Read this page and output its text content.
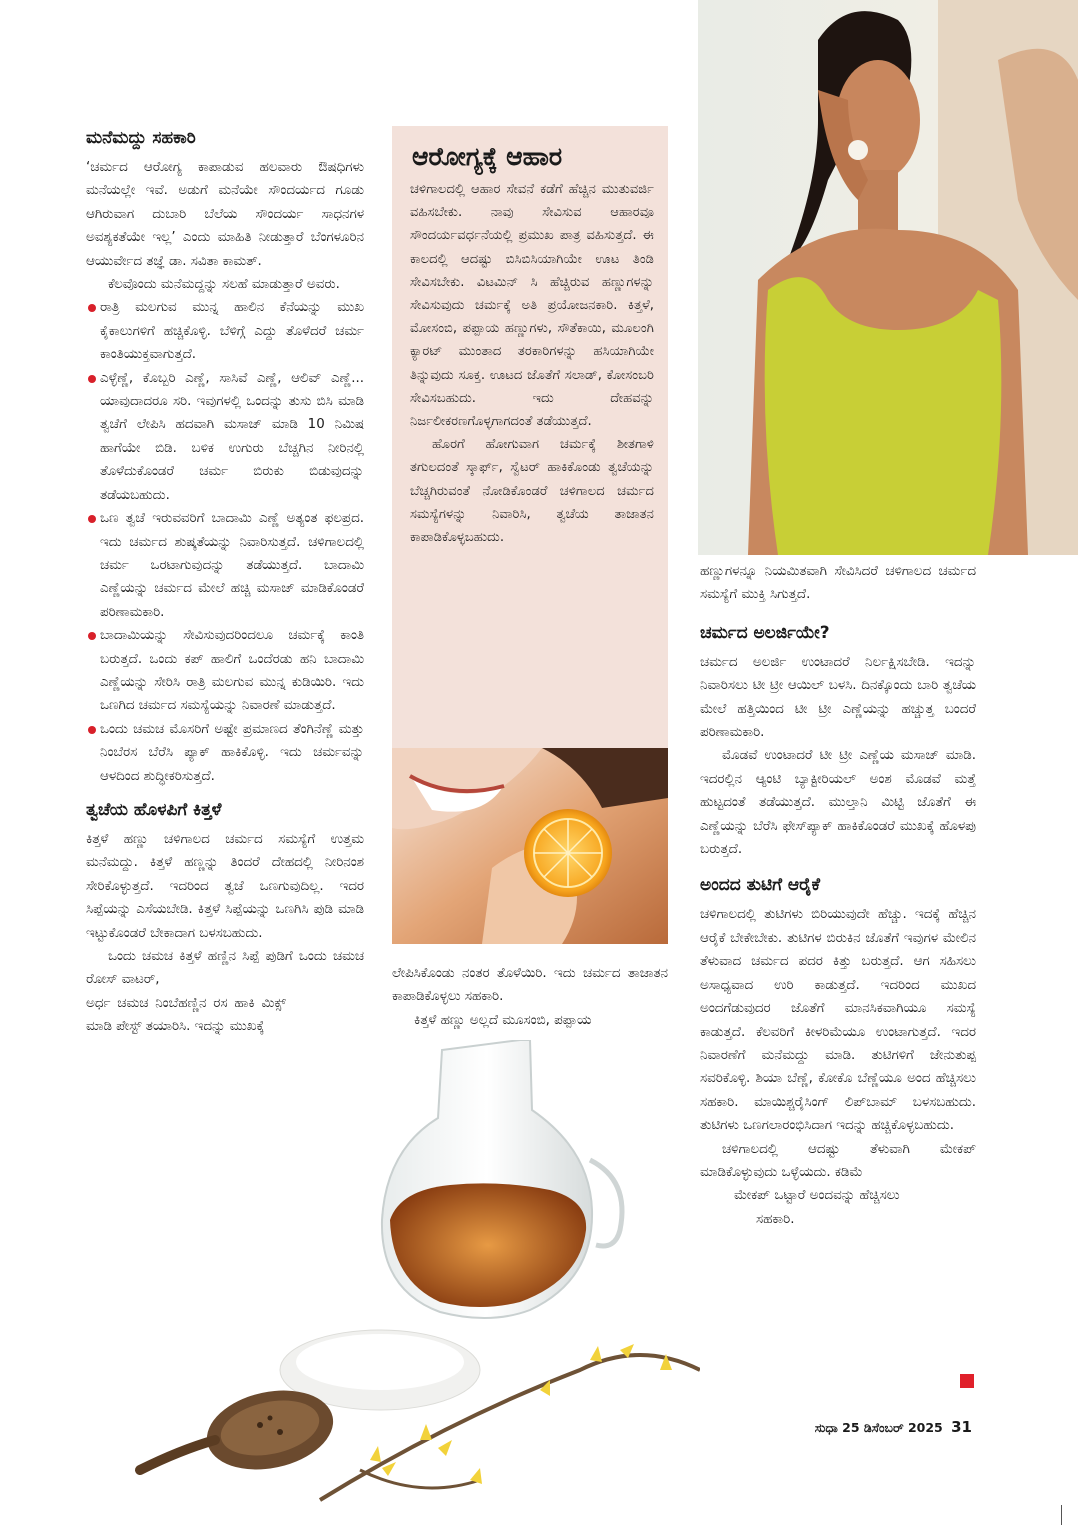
ಮನೆಮದ್ದು ಸಹಕಾರಿ

‘ಚರ್ಮದ ಆರೋಗ್ಯ ಕಾಪಾಡುವ ಹಲವಾರು ಔಷಧಿಗಳು ಮನೆಯಲ್ಲೇ ಇವೆ. ಅಡುಗೆ ಮನೆಯೇ ಸೌಂದರ್ಯದ ಗೂಡು ಆಗಿರುವಾಗ ದುಬಾರಿ ಬೆಲೆಯ ಸೌಂದರ್ಯ ಸಾಧನಗಳ ಅವಶ್ಯಕತೆಯೇ ಇಲ್ಲ’ ಎಂದು ಮಾಹಿತಿ ನೀಡುತ್ತಾರೆ ಬೆಂಗಳೂರಿನ ಆಯುರ್ವೇದ ತಜ್ಞೆ ಡಾ. ಸವಿತಾ ಕಾಮತ್.

ಕೆಲವೊಂದು ಮನೆಮದ್ದನ್ನು ಸಲಹೆ ಮಾಡುತ್ತಾರೆ ಅವರು.

ರಾತ್ರಿ ಮಲಗುವ ಮುನ್ನ ಹಾಲಿನ ಕೆನೆಯನ್ನು ಮುಖ ಕೈಕಾಲುಗಳಿಗೆ ಹಚ್ಚಿಕೊಳ್ಳಿ. ಬೆಳಿಗ್ಗೆ ಎದ್ದು ತೊಳೆದರೆ ಚರ್ಮ ಕಾಂತಿಯುಕ್ತವಾಗುತ್ತದೆ.
ಎಳ್ಳೆಣ್ಣೆ, ಕೊಬ್ಬರಿ ಎಣ್ಣೆ, ಸಾಸಿವೆ ಎಣ್ಣೆ, ಆಲಿವ್ ಎಣ್ಣೆ... ಯಾವುದಾದರೂ ಸರಿ. ಇವುಗಳಲ್ಲಿ ಒಂದನ್ನು ತುಸು ಬಿಸಿ ಮಾಡಿ ತ್ವಚೆಗೆ ಲೇಪಿಸಿ ಹದವಾಗಿ ಮಸಾಜ್ ಮಾಡಿ 10 ನಿಮಿಷ ಹಾಗೆಯೇ ಬಿಡಿ. ಬಳಿಕ ಉಗುರು ಬೆಚ್ಚಗಿನ ನೀರಿನಲ್ಲಿ ತೊಳೆದುಕೊಂಡರೆ ಚರ್ಮ ಬಿರುಕು ಬಿಡುವುದನ್ನು ತಡೆಯಬಹುದು.
ಒಣ ತ್ವಚೆ ಇರುವವರಿಗೆ ಬಾದಾಮಿ ಎಣ್ಣೆ ಅತ್ಯಂತ ಫಲಪ್ರದ. ಇದು ಚರ್ಮದ ಶುಷ್ಕತೆಯನ್ನು ನಿವಾರಿಸುತ್ತದೆ. ಚಳಿಗಾಲದಲ್ಲಿ ಚರ್ಮ ಒರಟಾಗುವುದನ್ನು ತಡೆಯುತ್ತದೆ. ಬಾದಾಮಿ ಎಣ್ಣೆಯನ್ನು ಚರ್ಮದ ಮೇಲೆ ಹಚ್ಚಿ ಮಸಾಜ್ ಮಾಡಿಕೊಂಡರೆ ಪರಿಣಾಮಕಾರಿ.
ಬಾದಾಮಿಯನ್ನು ಸೇವಿಸುವುದರಿಂದಲೂ ಚರ್ಮಕ್ಕೆ ಕಾಂತಿ ಬರುತ್ತದೆ. ಒಂದು ಕಪ್ ಹಾಲಿಗೆ ಒಂದೆರಡು ಹನಿ ಬಾದಾಮಿ ಎಣ್ಣೆಯನ್ನು ಸೇರಿಸಿ ರಾತ್ರಿ ಮಲಗುವ ಮುನ್ನ ಕುಡಿಯಿರಿ. ಇದು ಒಣಗಿದ ಚರ್ಮದ ಸಮಸ್ಯೆಯನ್ನು ನಿವಾರಣೆ ಮಾಡುತ್ತದೆ.
ಒಂದು ಚಮಚ ಮೊಸರಿಗೆ ಅಷ್ಟೇ ಪ್ರಮಾಣದ ತೆಂಗಿನೆಣ್ಣೆ ಮತ್ತು ನಿಂಬೆರಸ ಬೆರೆಸಿ ಪ್ಯಾಕ್ ಹಾಕಿಕೊಳ್ಳಿ. ಇದು ಚರ್ಮವನ್ನು ಆಳದಿಂದ ಶುದ್ಧೀಕರಿಸುತ್ತದೆ.
ತ್ವಚೆಯ ಹೊಳಪಿಗೆ ಕಿತ್ತಳೆ

ಕಿತ್ತಳೆ ಹಣ್ಣು ಚಳಿಗಾಲದ ಚರ್ಮದ ಸಮಸ್ಯೆಗೆ ಉತ್ತಮ ಮನೆಮದ್ದು. ಕಿತ್ತಳೆ ಹಣ್ಣನ್ನು ತಿಂದರೆ ದೇಹದಲ್ಲಿ ನೀರಿನಂಶ ಸೇರಿಕೊಳ್ಳುತ್ತದೆ. ಇದರಿಂದ ತ್ವಚೆ ಒಣಗುವುದಿಲ್ಲ. ಇದರ ಸಿಪ್ಪೆಯನ್ನು ಎಸೆಯಬೇಡಿ. ಕಿತ್ತಳೆ ಸಿಪ್ಪೆಯನ್ನು ಒಣಗಿಸಿ ಪುಡಿ ಮಾಡಿ ಇಟ್ಟುಕೊಂಡರೆ ಬೇಕಾದಾಗ ಬಳಸಬಹುದು.

ಒಂದು ಚಮಚ ಕಿತ್ತಳೆ ಹಣ್ಣಿನ ಸಿಪ್ಪೆ ಪುಡಿಗೆ ಒಂದು ಚಮಚ ರೋಸ್ ವಾಟರ್,

ಅರ್ಧ ಚಮಚ ನಿಂಬೆಹಣ್ಣಿನ ರಸ ಹಾಕಿ ಮಿಕ್ಸ್ ಮಾಡಿ ಪೇಸ್ಟ್ ತಯಾರಿಸಿ. ಇದನ್ನು ಮುಖಕ್ಕೆ

ಆರೋಗ್ಯಕ್ಕೆ ಆಹಾರ

ಚಳಿಗಾಲದಲ್ಲಿ ಆಹಾರ ಸೇವನೆ ಕಡೆಗೆ ಹೆಚ್ಚಿನ ಮುತುವರ್ಜಿ ವಹಿಸಬೇಕು. ನಾವು ಸೇವಿಸುವ ಆಹಾರವೂ ಸೌಂದರ್ಯವರ್ಧನೆಯಲ್ಲಿ ಪ್ರಮುಖ ಪಾತ್ರ ವಹಿಸುತ್ತದೆ. ಈ ಕಾಲದಲ್ಲಿ ಆದಷ್ಟು ಬಿಸಿಬಿಸಿಯಾಗಿಯೇ ಊಟ ತಿಂಡಿ ಸೇವಿಸಬೇಕು. ವಿಟಮಿನ್ ಸಿ ಹೆಚ್ಚಿರುವ ಹಣ್ಣುಗಳನ್ನು ಸೇವಿಸುವುದು ಚರ್ಮಕ್ಕೆ ಅತಿ ಪ್ರಯೋಜನಕಾರಿ. ಕಿತ್ತಳೆ, ಮೋಸಂಬಿ, ಪಪ್ಪಾಯ ಹಣ್ಣುಗಳು, ಸೌತೆಕಾಯಿ, ಮೂಲಂಗಿ ಕ್ಯಾರಟ್ ಮುಂತಾದ ತರಕಾರಿಗಳನ್ನು ಹಸಿಯಾಗಿಯೇ ತಿನ್ನುವುದು ಸೂಕ್ತ. ಊಟದ ಜೊತೆಗೆ ಸಲಾಡ್, ಕೋಸಂಬರಿ ಸೇವಿಸಬಹುದು. ಇದು ದೇಹವನ್ನು ನಿರ್ಜಲೀಕರಣಗೊಳ್ಳಗಾಗದಂತೆ ತಡೆಯುತ್ತದೆ.

ಹೊರಗೆ ಹೋಗುವಾಗ ಚರ್ಮಕ್ಕೆ ಶೀತಗಾಳಿ ತಗುಲದಂತೆ ಸ್ಕಾರ್ಫ್, ಸ್ವೆಟರ್ ಹಾಕಿಕೊಂಡು ತ್ವಚೆಯನ್ನು ಬೆಚ್ಚಗಿರುವಂತೆ ನೋಡಿಕೊಂಡರೆ ಚಳಿಗಾಲದ ಚರ್ಮದ ಸಮಸ್ಯೆಗಳನ್ನು ನಿವಾರಿಸಿ, ತ್ವಚೆಯ ತಾಜಾತನ ಕಾಪಾಡಿಕೊಳ್ಳಬಹುದು.

ಲೇಪಿಸಿಕೊಂಡು ನಂತರ ತೊಳೆಯಿರಿ. ಇದು ಚರ್ಮದ ತಾಜಾತನ ಕಾಪಾಡಿಕೊಳ್ಳಲು ಸಹಕಾರಿ.

ಕಿತ್ತಳೆ ಹಣ್ಣು ಅಲ್ಲದೆ ಮೂಸಂಬಿ, ಪಪ್ಪಾಯ

ಹಣ್ಣುಗಳನ್ನೂ ನಿಯಮಿತವಾಗಿ ಸೇವಿಸಿದರೆ ಚಳಿಗಾಲದ ಚರ್ಮದ ಸಮಸ್ಯೆಗೆ ಮುಕ್ತಿ ಸಿಗುತ್ತದೆ.

ಚರ್ಮದ ಅಲರ್ಜಿಯೇ?

ಚರ್ಮದ ಅಲರ್ಜಿ ಉಂಟಾದರೆ ನಿರ್ಲಕ್ಷಿಸಬೇಡಿ. ಇದನ್ನು ನಿವಾರಿಸಲು ಟೀ ಟ್ರೀ ಆಯಿಲ್ ಬಳಸಿ. ದಿನಕ್ಕೊಂದು ಬಾರಿ ತ್ವಚೆಯ ಮೇಲೆ ಹತ್ತಿಯಿಂದ ಟೀ ಟ್ರೀ ಎಣ್ಣೆಯನ್ನು ಹಚ್ಚುತ್ತ ಬಂದರೆ ಪರಿಣಾಮಕಾರಿ.

ಮೊಡವೆ ಉಂಟಾದರೆ ಟೀ ಟ್ರೀ ಎಣ್ಣೆಯ ಮಸಾಜ್ ಮಾಡಿ. ಇದರಲ್ಲಿನ ಆ್ಯಂಟಿ ಬ್ಯಾಕ್ಟೀರಿಯಲ್ ಅಂಶ ಮೊಡವೆ ಮತ್ತೆ ಹುಟ್ಟದಂತೆ ತಡೆಯುತ್ತದೆ. ಮುಲ್ತಾನಿ ಮಿಟ್ಟಿ ಜೊತೆಗೆ ಈ ಎಣ್ಣೆಯನ್ನು ಬೆರೆಸಿ ಫೇಸ್‌ಪ್ಯಾಕ್ ಹಾಕಿಕೊಂಡರೆ ಮುಖಕ್ಕೆ ಹೊಳಪು ಬರುತ್ತದೆ.

ಅಂದದ ತುಟಿಗೆ ಆರೈಕೆ

ಚಳಿಗಾಲದಲ್ಲಿ ತುಟಿಗಳು ಬಿರಿಯುವುದೇ ಹೆಚ್ಚು. ಇದಕ್ಕೆ ಹೆಚ್ಚಿನ ಆರೈಕೆ ಬೇಕೇಬೇಕು. ತುಟಿಗಳ ಬಿರುಕಿನ ಜೊತೆಗೆ ಇವುಗಳ ಮೇಲಿನ ತೆಳುವಾದ ಚರ್ಮದ ಪದರ ಕಿತ್ತು ಬರುತ್ತದೆ. ಆಗ ಸಹಿಸಲು ಅಸಾಧ್ಯವಾದ ಉರಿ ಕಾಡುತ್ತದೆ. ಇದರಿಂದ ಮುಖದ ಅಂದಗೆಡುವುದರ ಜೊತೆಗೆ ಮಾನಸಿಕವಾಗಿಯೂ ಸಮಸ್ಯೆ ಕಾಡುತ್ತದೆ. ಕೆಲವರಿಗೆ ಕೀಳರಿಮೆಯೂ ಉಂಟಾಗುತ್ತದೆ. ಇದರ ನಿವಾರಣೆಗೆ ಮನೆಮದ್ದು ಮಾಡಿ. ತುಟಿಗಳಿಗೆ ಜೇನುತುಪ್ಪ ಸವರಿಕೊಳ್ಳಿ. ಶಿಯಾ ಬೆಣ್ಣೆ, ಕೋಕೊ ಬೆಣ್ಣೆಯೂ ಅಂದ ಹೆಚ್ಚಿಸಲು ಸಹಕಾರಿ. ಮಾಯಿಶ್ಚರೈಸಿಂಗ್ ಲಿಪ್‌ಬಾಮ್ ಬಳಸಬಹುದು. ತುಟಿಗಳು ಒಣಗಲಾರಂಭಿಸಿದಾಗ ಇದನ್ನು ಹಚ್ಚಿಕೊಳ್ಳಬಹುದು.

ಚಳಿಗಾಲದಲ್ಲಿ ಆದಷ್ಟು ತೆಳುವಾಗಿ ಮೇಕಪ್ ಮಾಡಿಕೊಳ್ಳುವುದು ಒಳ್ಳೆಯದು. ಕಡಿಮೆ

ಮೇಕಪ್ ಒಟ್ಟಾರೆ ಅಂದವನ್ನು ಹೆಚ್ಚಿಸಲು

ಸಹಕಾರಿ.

ಸುಧಾ 25 ಡಿಸೆಂಬರ್ 2025 31
